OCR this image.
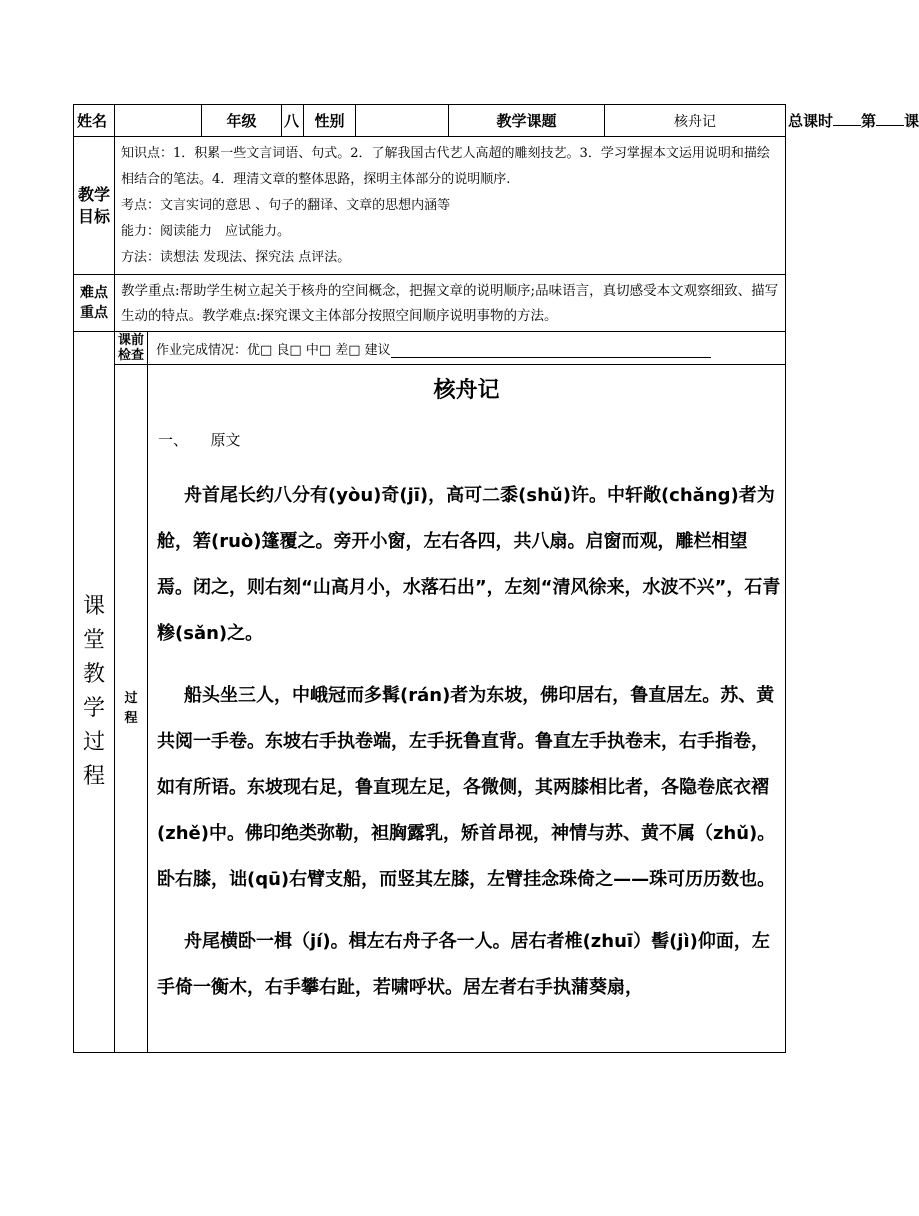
姓名			年级	八	性别		教学课题	核舟记	总课时 第 课

教学目标	知识点：1．积累一些文言词语、句式。2．了解我国古代艺人高超的雕刻技艺。3．学习掌握本文运用说明和描绘相结合的笔法。4．理清文章的整体思路，探明主体部分的说明顺序.

考点：文言实词的意思 、句子的翻译、文章的思想内涵等

能力：阅读能力　应试能力。

方法：读想法 发现法、探究法 点评法。								

难点重点	教学重点:帮助学生树立起关于核舟的空间概念，把握文章的说明顺序;品味语言，真切感受本文观察细致、描写生动的特点。教学难点:探究课文主体部分按照空间顺序说明事物的方法。								

课堂教学过程	课前检查	作业完成情况：优□ 良□ 中□ 差□ 建议							

	过程	核舟记
一、　　原文

舟首尾长约八分有(yòu)奇(jī)，高可二黍(shǔ)许。中轩敞(chǎng)者为舱，箬(ruò)篷覆之。旁开小窗，左右各四，共八扇。启窗而观，雕栏相望焉。闭之，则右刻“山高月小，水落石出”，左刻“清风徐来，水波不兴”，石青糁(sǎn)之。

船头坐三人，中峨冠而多髯(rán)者为东坡，佛印居右，鲁直居左。苏、黄共阅一手卷。东坡右手执卷端，左手抚鲁直背。鲁直左手执卷末，右手指卷，如有所语。东坡现右足，鲁直现左足，各微侧，其两膝相比者，各隐卷底衣褶(zhě)中。佛印绝类弥勒，袒胸露乳，矫首昂视，神情与苏、黄不属（zhǔ)。卧右膝，诎(qū)右臂支船，而竖其左膝，左臂挂念珠倚之——珠可历历数也。

舟尾横卧一楫（jí)。楫左右舟子各一人。居右者椎(zhuī）髻(jì)仰面，左手倚一衡木，右手攀右趾，若啸呼状。居左者右手执蒲葵扇，							
